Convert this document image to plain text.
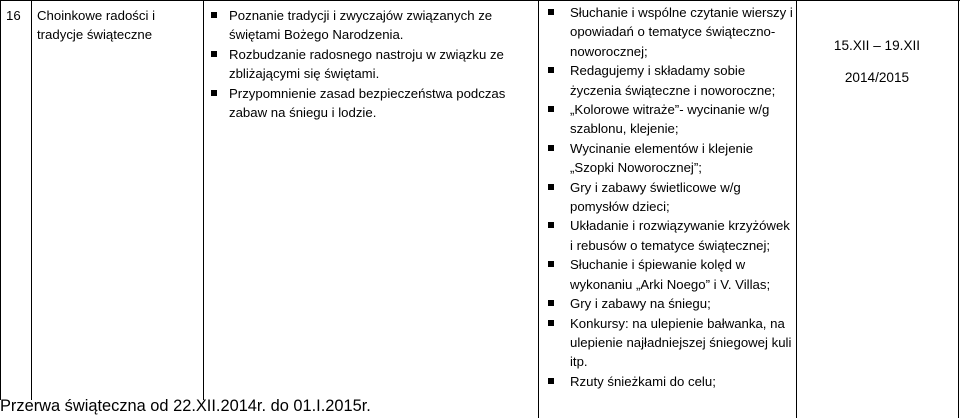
16 Choinkowe radości i tradycje świąteczne
Poznanie tradycji i zwyczajów związanych ze świętami Bożego Narodzenia.
Rozbudzanie radosnego nastroju w związku ze zbliżającymi się świętami.
Przypomnienie zasad bezpieczeństwa podczas zabaw na śniegu i lodzie.
Słuchanie i wspólne czytanie wierszy i opowiadań o tematyce świąteczno-noworocznej;
Redagujemy i składamy sobie życzenia świąteczne i noworoczne;
„Kolorowe witraże”- wycinanie w/g szablonu, klejenie;
Wycinanie elementów i klejenie „Szopki Noworocznej”;
Gry i zabawy świetlicowe w/g pomysłów dzieci;
Układanie i rozwiązywanie krzyżówek i rebusów o tematyce świątecznej;
Słuchanie i śpiewanie kolęd w wykonaniu „Arki Noego” i V. Villas;
Gry i zabawy na śniegu;
Konkursy: na ulepienie bałwanka, na ulepienie najładniejszej śniegowej kuli itp.
Rzuty śnieżkami do celu;
15.XII – 19.XII
2014/2015
Przerwa świąteczna od 22.XII.2014r. do 01.I.2015r.
